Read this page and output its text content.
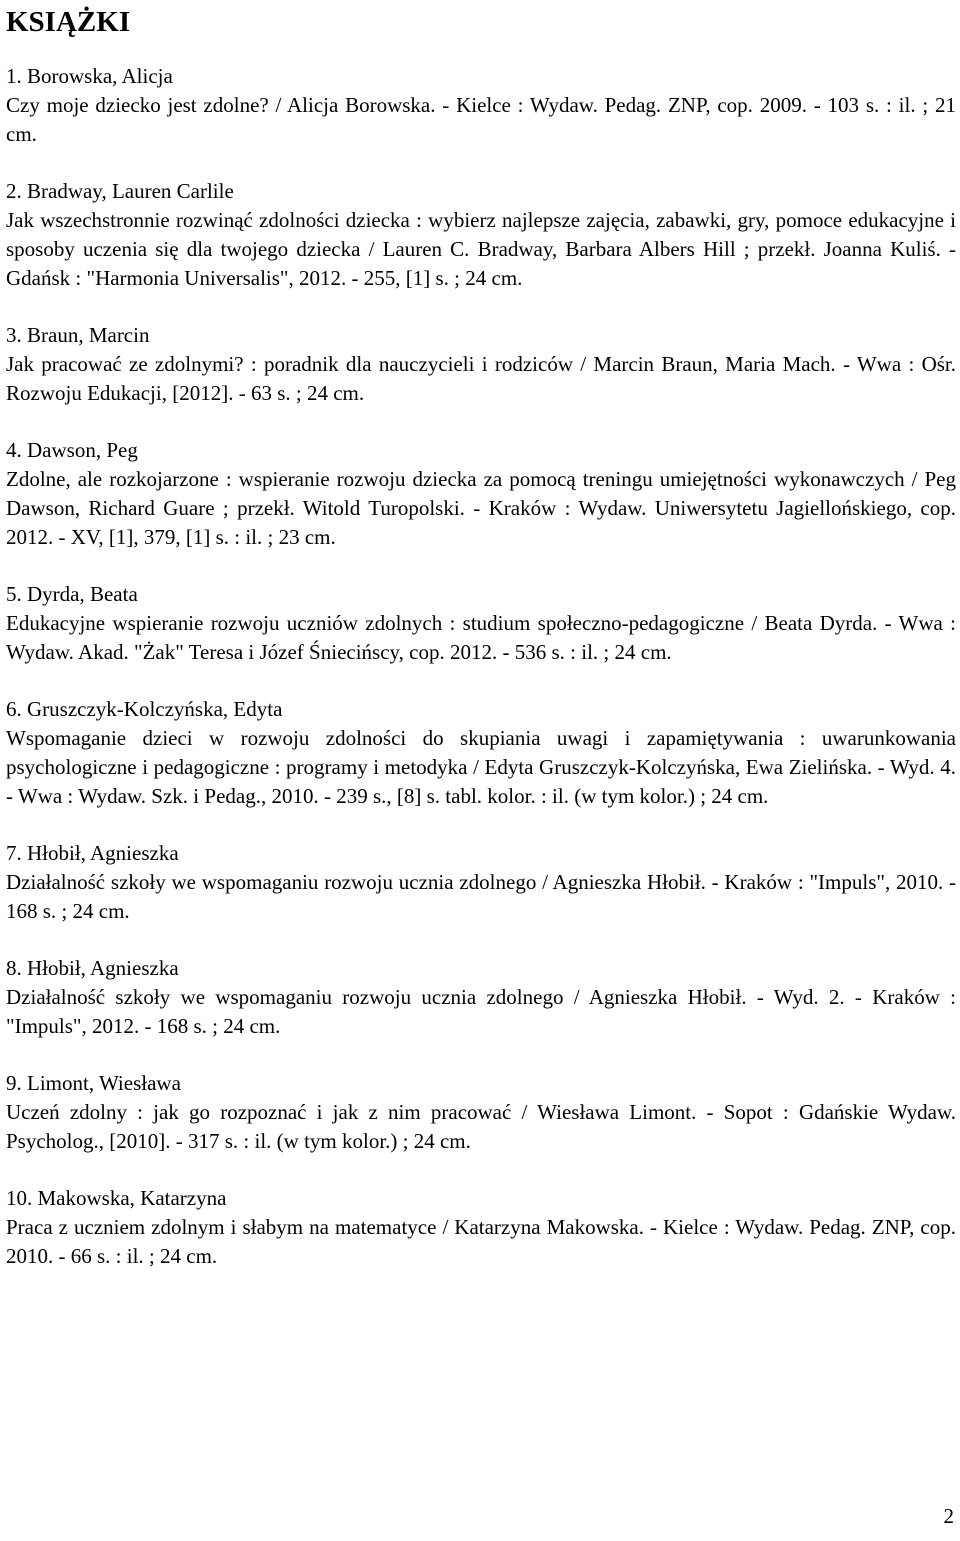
KSIĄŻKI

1. Borowska, Alicja
Czy moje dziecko jest zdolne? / Alicja Borowska. - Kielce : Wydaw. Pedag. ZNP, cop. 2009. - 103 s. : il. ; 21 cm.

2. Bradway, Lauren Carlile
Jak wszechstronnie rozwinąć zdolności dziecka : wybierz najlepsze zajęcia, zabawki, gry, pomoce edukacyjne i sposoby uczenia się dla twojego dziecka / Lauren C. Bradway, Barbara Albers Hill ; przekł. Joanna Kuliś. - Gdańsk : "Harmonia Universalis", 2012. - 255, [1] s. ; 24 cm.

3. Braun, Marcin
Jak pracować ze zdolnymi? : poradnik dla nauczycieli i rodziców / Marcin Braun, Maria Mach. - Wwa : Ośr. Rozwoju Edukacji, [2012]. - 63 s. ; 24 cm.

4. Dawson, Peg
Zdolne, ale rozkojarzone : wspieranie rozwoju dziecka za pomocą treningu umiejętności wykonawczych / Peg Dawson, Richard Guare ; przekł. Witold Turopolski. - Kraków : Wydaw. Uniwersytetu Jagiellońskiego, cop. 2012. - XV, [1], 379, [1] s. : il. ; 23 cm.

5. Dyrda, Beata
Edukacyjne wspieranie rozwoju uczniów zdolnych : studium społeczno-pedagogiczne / Beata Dyrda. - Wwa : Wydaw. Akad. "Żak" Teresa i Józef Śniecińscy, cop. 2012. - 536 s. : il. ; 24 cm.

6. Gruszczyk-Kolczyńska, Edyta
Wspomaganie dzieci w rozwoju zdolności do skupiania uwagi i zapamiętywania : uwarunkowania psychologiczne i pedagogiczne : programy i metodyka / Edyta Gruszczyk-Kolczyńska, Ewa Zielińska. - Wyd. 4. - Wwa : Wydaw. Szk. i Pedag., 2010. - 239 s., [8] s. tabl. kolor. : il. (w tym kolor.) ; 24 cm.

7. Hłobił, Agnieszka
Działalność szkoły we wspomaganiu rozwoju ucznia zdolnego / Agnieszka Hłobił. - Kraków : "Impuls", 2010. - 168 s. ; 24 cm.

8. Hłobił, Agnieszka
Działalność szkoły we wspomaganiu rozwoju ucznia zdolnego / Agnieszka Hłobił. - Wyd. 2. - Kraków : "Impuls", 2012. - 168 s. ; 24 cm.

9. Limont, Wiesława
Uczeń zdolny : jak go rozpoznać i jak z nim pracować / Wiesława Limont. - Sopot : Gdańskie Wydaw. Psycholog., [2010]. - 317 s. : il. (w tym kolor.) ; 24 cm.

10. Makowska, Katarzyna
Praca z uczniem zdolnym i słabym na matematyce / Katarzyna Makowska. - Kielce : Wydaw. Pedag. ZNP, cop. 2010. - 66 s. : il. ; 24 cm.

2
